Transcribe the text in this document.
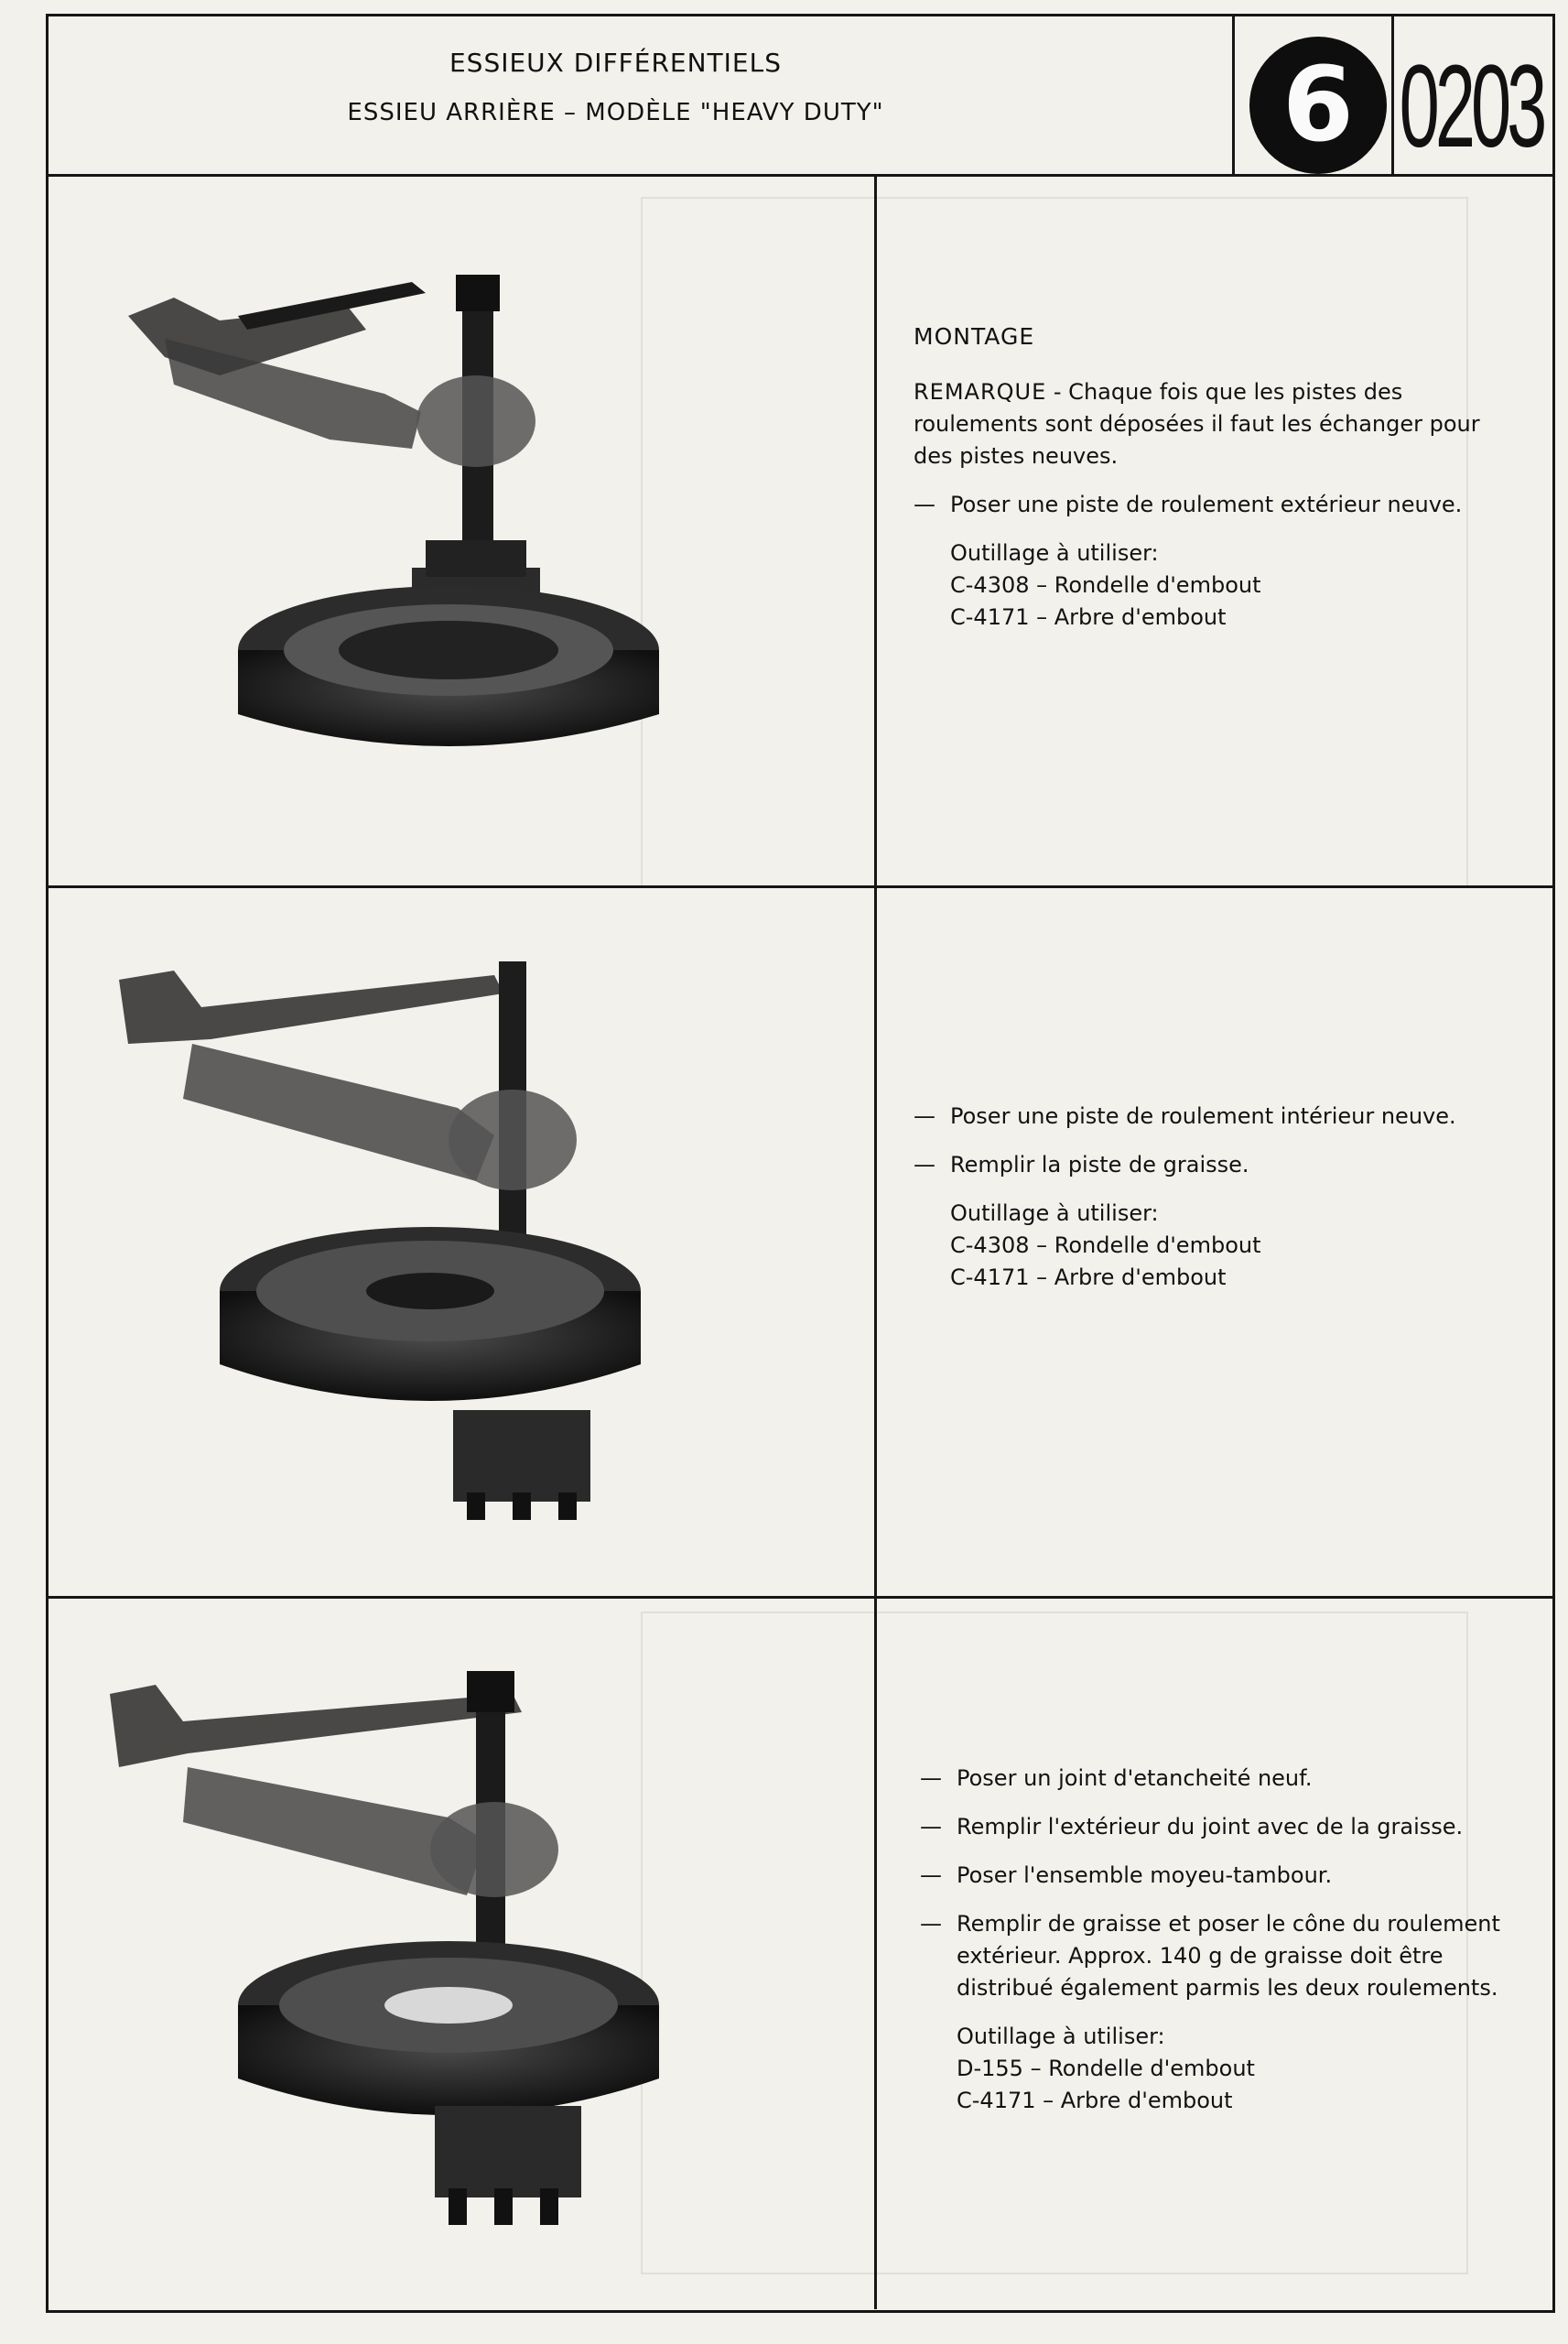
ESSIEUX DIFFÉRENTIELS
ESSIEU ARRIÈRE – MODÈLE "HEAVY DUTY"	6 0203

MONTAGE

REMARQUE - Chaque fois que les pistes des roulements sont déposées il faut les échanger pour des pistes neuves.

— Poser une piste de roulement extérieur neuve.

Outillage à utiliser:
C-4308 – Rondelle d'embout
C-4171 – Arbre d'embout

— Poser une piste de roulement intérieur neuve.

— Remplir la piste de graisse.

Outillage à utiliser:
C-4308 – Rondelle d'embout
C-4171 – Arbre d'embout

— Poser un joint d'etancheité neuf.

— Remplir l'extérieur du joint avec de la graisse.

— Poser l'ensemble moyeu-tambour.

— Remplir de graisse et poser le cône du roulement extérieur. Approx. 140 g de graisse doit être distribué également parmis les deux roulements.

Outillage à utiliser:
D-155 – Rondelle d'embout
C-4171 – Arbre d'embout
